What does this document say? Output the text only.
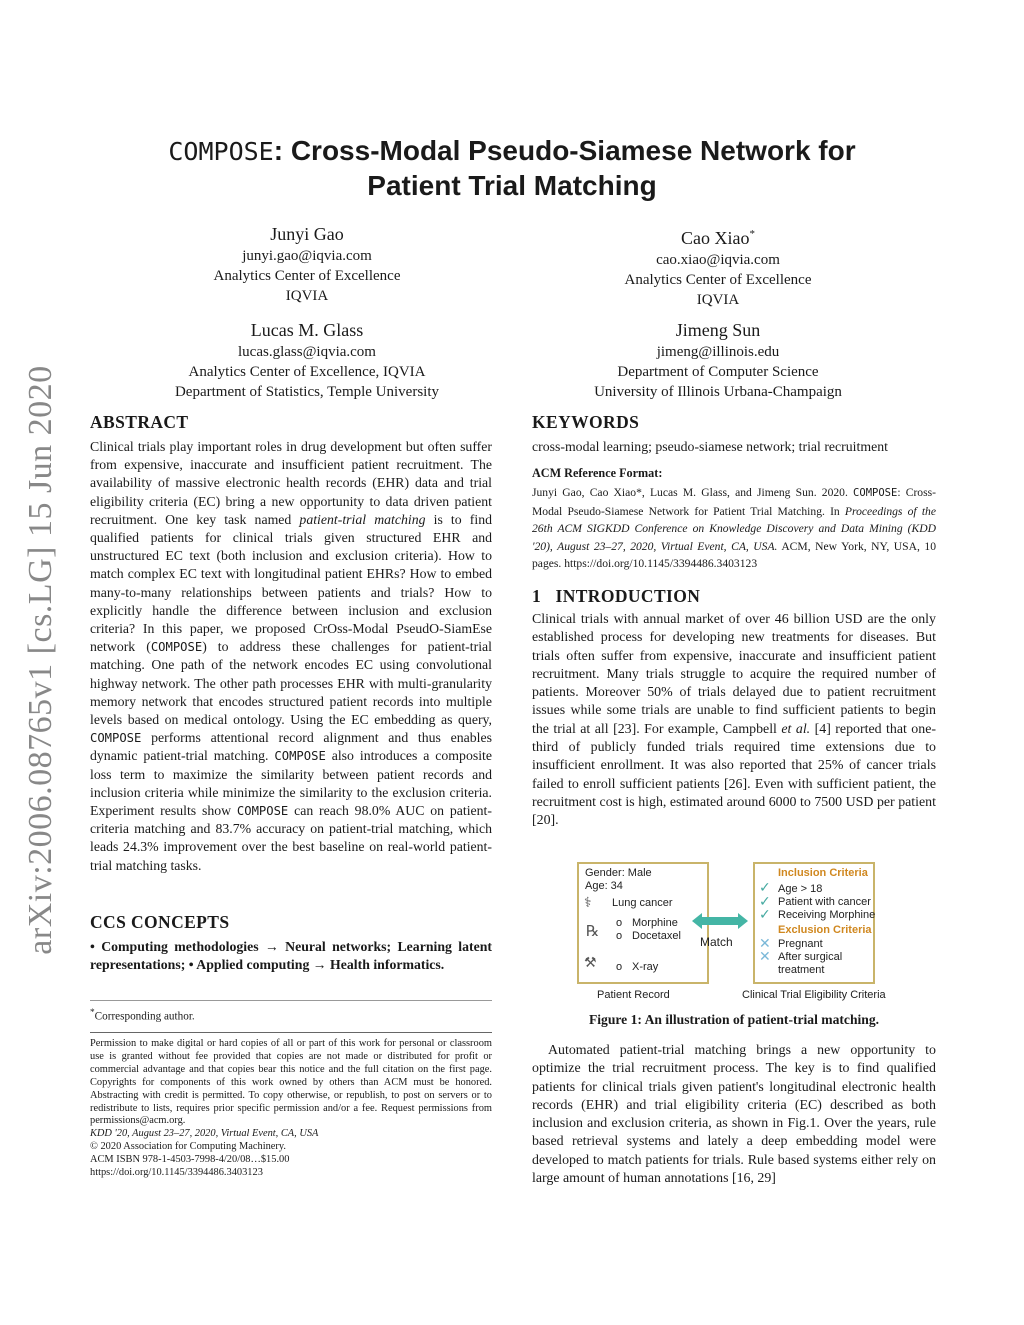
arXiv:2006.08765v1 [cs.LG] 15 Jun 2020
COMPOSE: Cross-Modal Pseudo-Siamese Network for
Patient Trial Matching
Junyi Gao
junyi.gao@iqvia.com
Analytics Center of Excellence
IQVIA
Cao Xiao*
cao.xiao@iqvia.com
Analytics Center of Excellence
IQVIA
Lucas M. Glass
lucas.glass@iqvia.com
Analytics Center of Excellence, IQVIA
Department of Statistics, Temple University
Jimeng Sun
jimeng@illinois.edu
Department of Computer Science
University of Illinois Urbana-Champaign
ABSTRACT
Clinical trials play important roles in drug development but often suffer from expensive, inaccurate and insufficient patient recruitment. The availability of massive electronic health records (EHR) data and trial eligibility criteria (EC) bring a new opportunity to data driven patient recruitment. One key task named patient-trial matching is to find qualified patients for clinical trials given structured EHR and unstructured EC text (both inclusion and exclusion criteria). How to match complex EC text with longitudinal patient EHRs? How to embed many-to-many relationships between patients and trials? How to explicitly handle the difference between inclusion and exclusion criteria? In this paper, we proposed CrOss-Modal PseudO-SiamEse network (COMPOSE) to address these challenges for patient-trial matching. One path of the network encodes EC using convolutional highway network. The other path processes EHR with multi-granularity memory network that encodes structured patient records into multiple levels based on medical ontology. Using the EC embedding as query, COMPOSE performs attentional record alignment and thus enables dynamic patient-trial matching. COMPOSE also introduces a composite loss term to maximize the similarity between patient records and inclusion criteria while minimize the similarity to the exclusion criteria. Experiment results show COMPOSE can reach 98.0% AUC on patient-criteria matching and 83.7% accuracy on patient-trial matching, which leads 24.3% improvement over the best baseline on real-world patient-trial matching tasks.
CCS CONCEPTS
• Computing methodologies → Neural networks; Learning latent representations; • Applied computing → Health informatics.
*Corresponding author.
Permission to make digital or hard copies of all or part of this work for personal or classroom use is granted without fee provided that copies are not made or distributed for profit or commercial advantage and that copies bear this notice and the full citation on the first page. Copyrights for components of this work owned by others than ACM must be honored. Abstracting with credit is permitted. To copy otherwise, or republish, to post on servers or to redistribute to lists, requires prior specific permission and/or a fee. Request permissions from permissions@acm.org.
KDD '20, August 23–27, 2020, Virtual Event, CA, USA
© 2020 Association for Computing Machinery.
ACM ISBN 978-1-4503-7998-4/20/08…$15.00
https://doi.org/10.1145/3394486.3403123
KEYWORDS
cross-modal learning; pseudo-siamese network; trial recruitment
ACM Reference Format:
Junyi Gao, Cao Xiao*, Lucas M. Glass, and Jimeng Sun. 2020. COMPOSE: Cross-Modal Pseudo-Siamese Network for Patient Trial Matching. In Proceedings of the 26th ACM SIGKDD Conference on Knowledge Discovery and Data Mining (KDD '20), August 23–27, 2020, Virtual Event, CA, USA. ACM, New York, NY, USA, 10 pages. https://doi.org/10.1145/3394486.3403123
1 INTRODUCTION
Clinical trials with annual market of over 46 billion USD are the only established process for developing new treatments for diseases. But trials often suffer from expensive, inaccurate and insufficient patient recruitment. Many trials struggle to acquire the required number of patients. Moreover 50% of trials delayed due to patient recruitment issues while some trials are unable to find sufficient patients to begin the trial at all [23]. For example, Campbell et al. [4] reported that one-third of publicly funded trials required time extensions due to insufficient enrollment. It was also reported that 25% of cancer trials failed to enroll sufficient patients [26]. Even with sufficient patient, the recruitment cost is high, estimated around 6000 to 7500 USD per patient [20].
Gender: Male
Age: 34
⚕ Lung cancer
℞ o Morphine
o Docetaxel
⚒ o X-ray
Patient Record
Match
Inclusion Criteria
✓ Age > 18
✓ Patient with cancer
✓ Receiving Morphine
Exclusion Criteria
✕ Pregnant
✕ After surgical
treatment
Clinical Trial Eligibility Criteria
Figure 1: An illustration of patient-trial matching.
Automated patient-trial matching brings a new opportunity to optimize the trial recruitment process. The key is to find qualified patients for clinical trials given patient's longitudinal electronic health records (EHR) and trial eligibility criteria (EC) described as both inclusion and exclusion criteria, as shown in Fig.1. Over the years, rule based retrieval systems and lately a deep embedding model were developed to match patients for trials. Rule based systems either rely on large amount of human annotations [16, 29]
